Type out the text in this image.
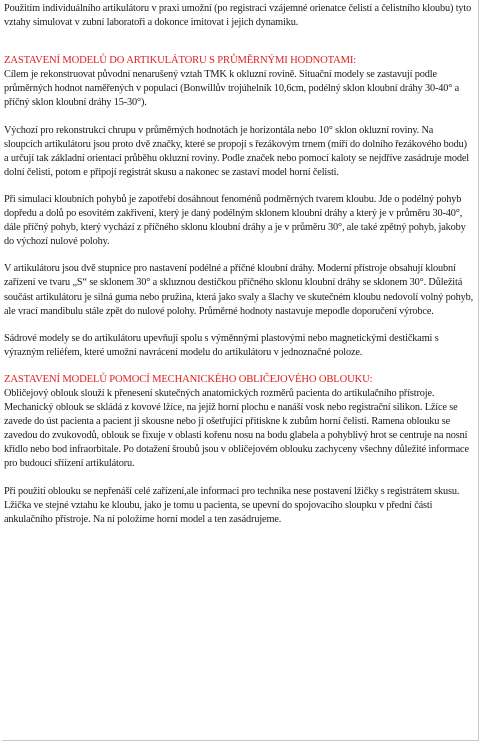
Použitím individuálního artikulátoru v praxi umožní (po registraci vzájemné orienatce čelistí a čelistního kloubu) tyto vztahy simulovat v zubní laboratoři a dokonce imitovat i jejich dynamiku.

ZASTAVENÍ MODELŮ DO ARTIKULÁTORU S PRŮMĚRNÝMI HODNOTAMI:

Cílem je rekonstruovat původní nenarušený vztah TMK k okluzní rovině. Situační modely se zastavují podle průměrných hodnot naměřených v populaci (Bonwillův trojúhelník 10,6cm, podélný sklon kloubní dráhy 30-40° a příčný sklon kloubní dráhy 15-30°).

Výchozí pro rekonstrukci chrupu v průměrných hodnotách je horizontála nebo 10° sklon okluzní roviny. Na sloupcích artikulátoru jsou proto dvě značky, které se propojí s řezákovým trnem (míří do dolního řezákového bodu) a určují tak základní orientaci průběhu okluzní roviny. Podle značek nebo pomocí kaloty se nejdříve zasádruje model dolní čelisti, potom e připojí registrát skusu a nakonec se zastaví model horní čelisti.

Při simulaci kloubních pohybů je zapotřebí dosáhnout fenoménů podměrných tvarem kloubu. Jde o podélný pohyb dopředu a dolů po esovitém zakřivení, který je daný podélným sklonem kloubní dráhy a který je v průměru 30-40°, dále příčný pohyb, který vychází z příčného sklonu kloubní dráhy a je v průměru 30°, ale také zpětný pohyb, jakoby do výchozí nulové polohy.

V artikulátoru jsou dvě stupnice pro nastavení podélné a příčné kloubní dráhy. Moderní přístroje obsahují kloubní zařízení ve tvaru „S“ se sklonem 30° a skluznou destičkou příčného sklonu kloubní dráhy se sklonem 30°. Důležitá součást artikulátoru je silná guma nebo pružina, která jako svaly a šlachy ve skutečném kloubu nedovolí volný pohyb, ale vrací mandibulu stále zpět do nulové polohy. Průměrné hodnoty nastavuje mepodle doporučení výrobce.

Sádrové modely se do artikulátoru upevňují spolu s výměnnými plastovými nebo magnetickými destičkami s výrazným reliéfem, které umožní navrácení modelu do artikulátoru v jednoznačné poloze.

ZASTAVENÍ MODELŮ POMOCÍ MECHANICKÉHO OBLIČEJOVÉHO OBLOUKU:

Obličejový oblouk slouží k přenesení skutečných anatomických rozměrů pacienta do artikulačního přístroje. Mechanický oblouk se skládá z kovové lžíce, na jejíž horní plochu e nanáší vosk nebo registrační silikon. Lžíce se zavede do úst pacienta a pacient ji skousne nebo ji ošetřující přitiskne k zubům horní čelisti. Ramena oblouku se zavedou do zvukovodů, oblouk se fixuje v oblasti kořenu nosu na bodu glabela a pohyblivý hrot se centruje na nosní křídlo nebo bod infraorbitale. Po dotažení šroubů jsou v obličejovém oblouku zachyceny všechny důležité informace pro budoucí sříízení artikulátoru.

Při použití oblouku se nepřenáší celé zařízení,ale informaci pro technika nese postavení lžičky s registrátem skusu. Lžička ve stejné vztahu ke kloubu, jako je tomu u pacienta, se upevní do spojovacího sloupku v přední části ankulačního přístroje. Na ní položíme horní model a ten zasádrujeme.
